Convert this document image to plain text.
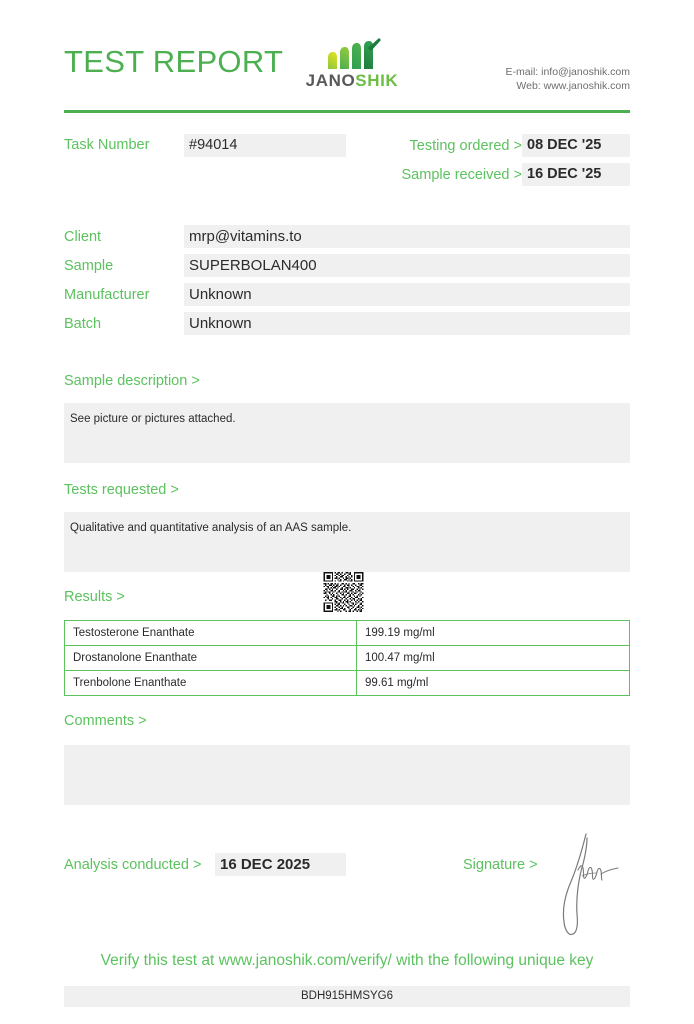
TEST REPORT
JANOSHIK	E-mail: info@janoshik.com
Web: www.janoshik.com
Task Number	#94014	Testing ordered > 08 DEC '25
Sample received > 16 DEC '25
Client	mrp@vitamins.to
Sample	SUPERBOLAN400
Manufacturer	Unknown
Batch	Unknown
Sample description >
See picture or pictures attached.
Tests requested >
Qualitative and quantitative analysis of an AAS sample.
Results >
Testosterone Enanthate	199.19 mg/ml
Drostanolone Enanthate	100.47 mg/ml
Trenbolone Enanthate	99.61 mg/ml
Comments >
Analysis conducted >	16 DEC 2025	Signature >
Verify this test at www.janoshik.com/verify/ with the following unique key
BDH915HMSYG6
